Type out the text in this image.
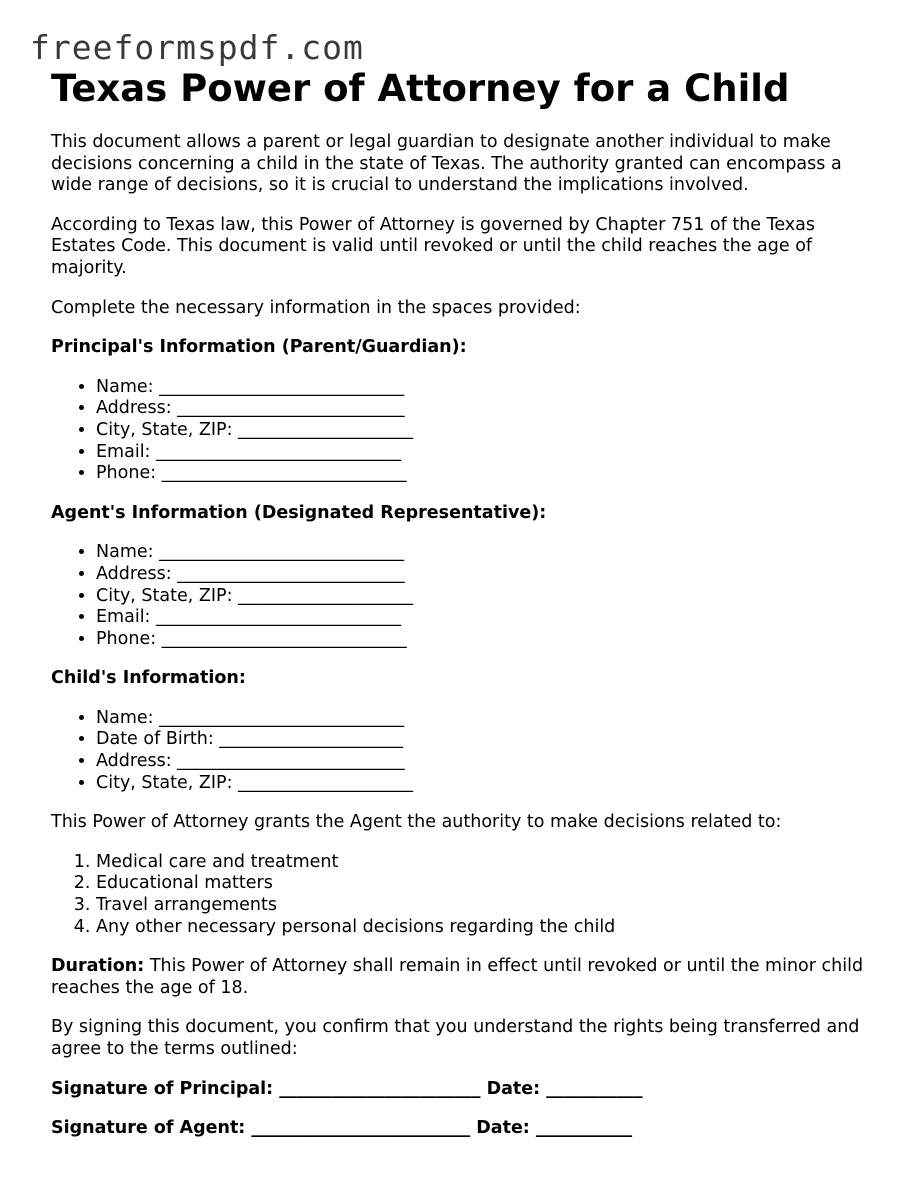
freeformspdf.com
Texas Power of Attorney for a Child

This document allows a parent or legal guardian to designate another individual to make decisions concerning a child in the state of Texas. The authority granted can encompass a wide range of decisions, so it is crucial to understand the implications involved.

According to Texas law, this Power of Attorney is governed by Chapter 751 of the Texas Estates Code. This document is valid until revoked or until the child reaches the age of majority.

Complete the necessary information in the spaces provided:

Principal's Information (Parent/Guardian):

• Name: ____________________________
• Address: __________________________
• City, State, ZIP: ____________________
• Email: ____________________________
• Phone: ____________________________

Agent's Information (Designated Representative):

• Name: ____________________________
• Address: __________________________
• City, State, ZIP: ____________________
• Email: ____________________________
• Phone: ____________________________

Child's Information:

• Name: ____________________________
• Date of Birth: _____________________
• Address: __________________________
• City, State, ZIP: ____________________

This Power of Attorney grants the Agent the authority to make decisions related to:

1. Medical care and treatment
2. Educational matters
3. Travel arrangements
4. Any other necessary personal decisions regarding the child

Duration: This Power of Attorney shall remain in effect until revoked or until the minor child reaches the age of 18.

By signing this document, you confirm that you understand the rights being transferred and agree to the terms outlined:

Signature of Principal: _______________________ Date: ___________

Signature of Agent: _________________________ Date: ___________
